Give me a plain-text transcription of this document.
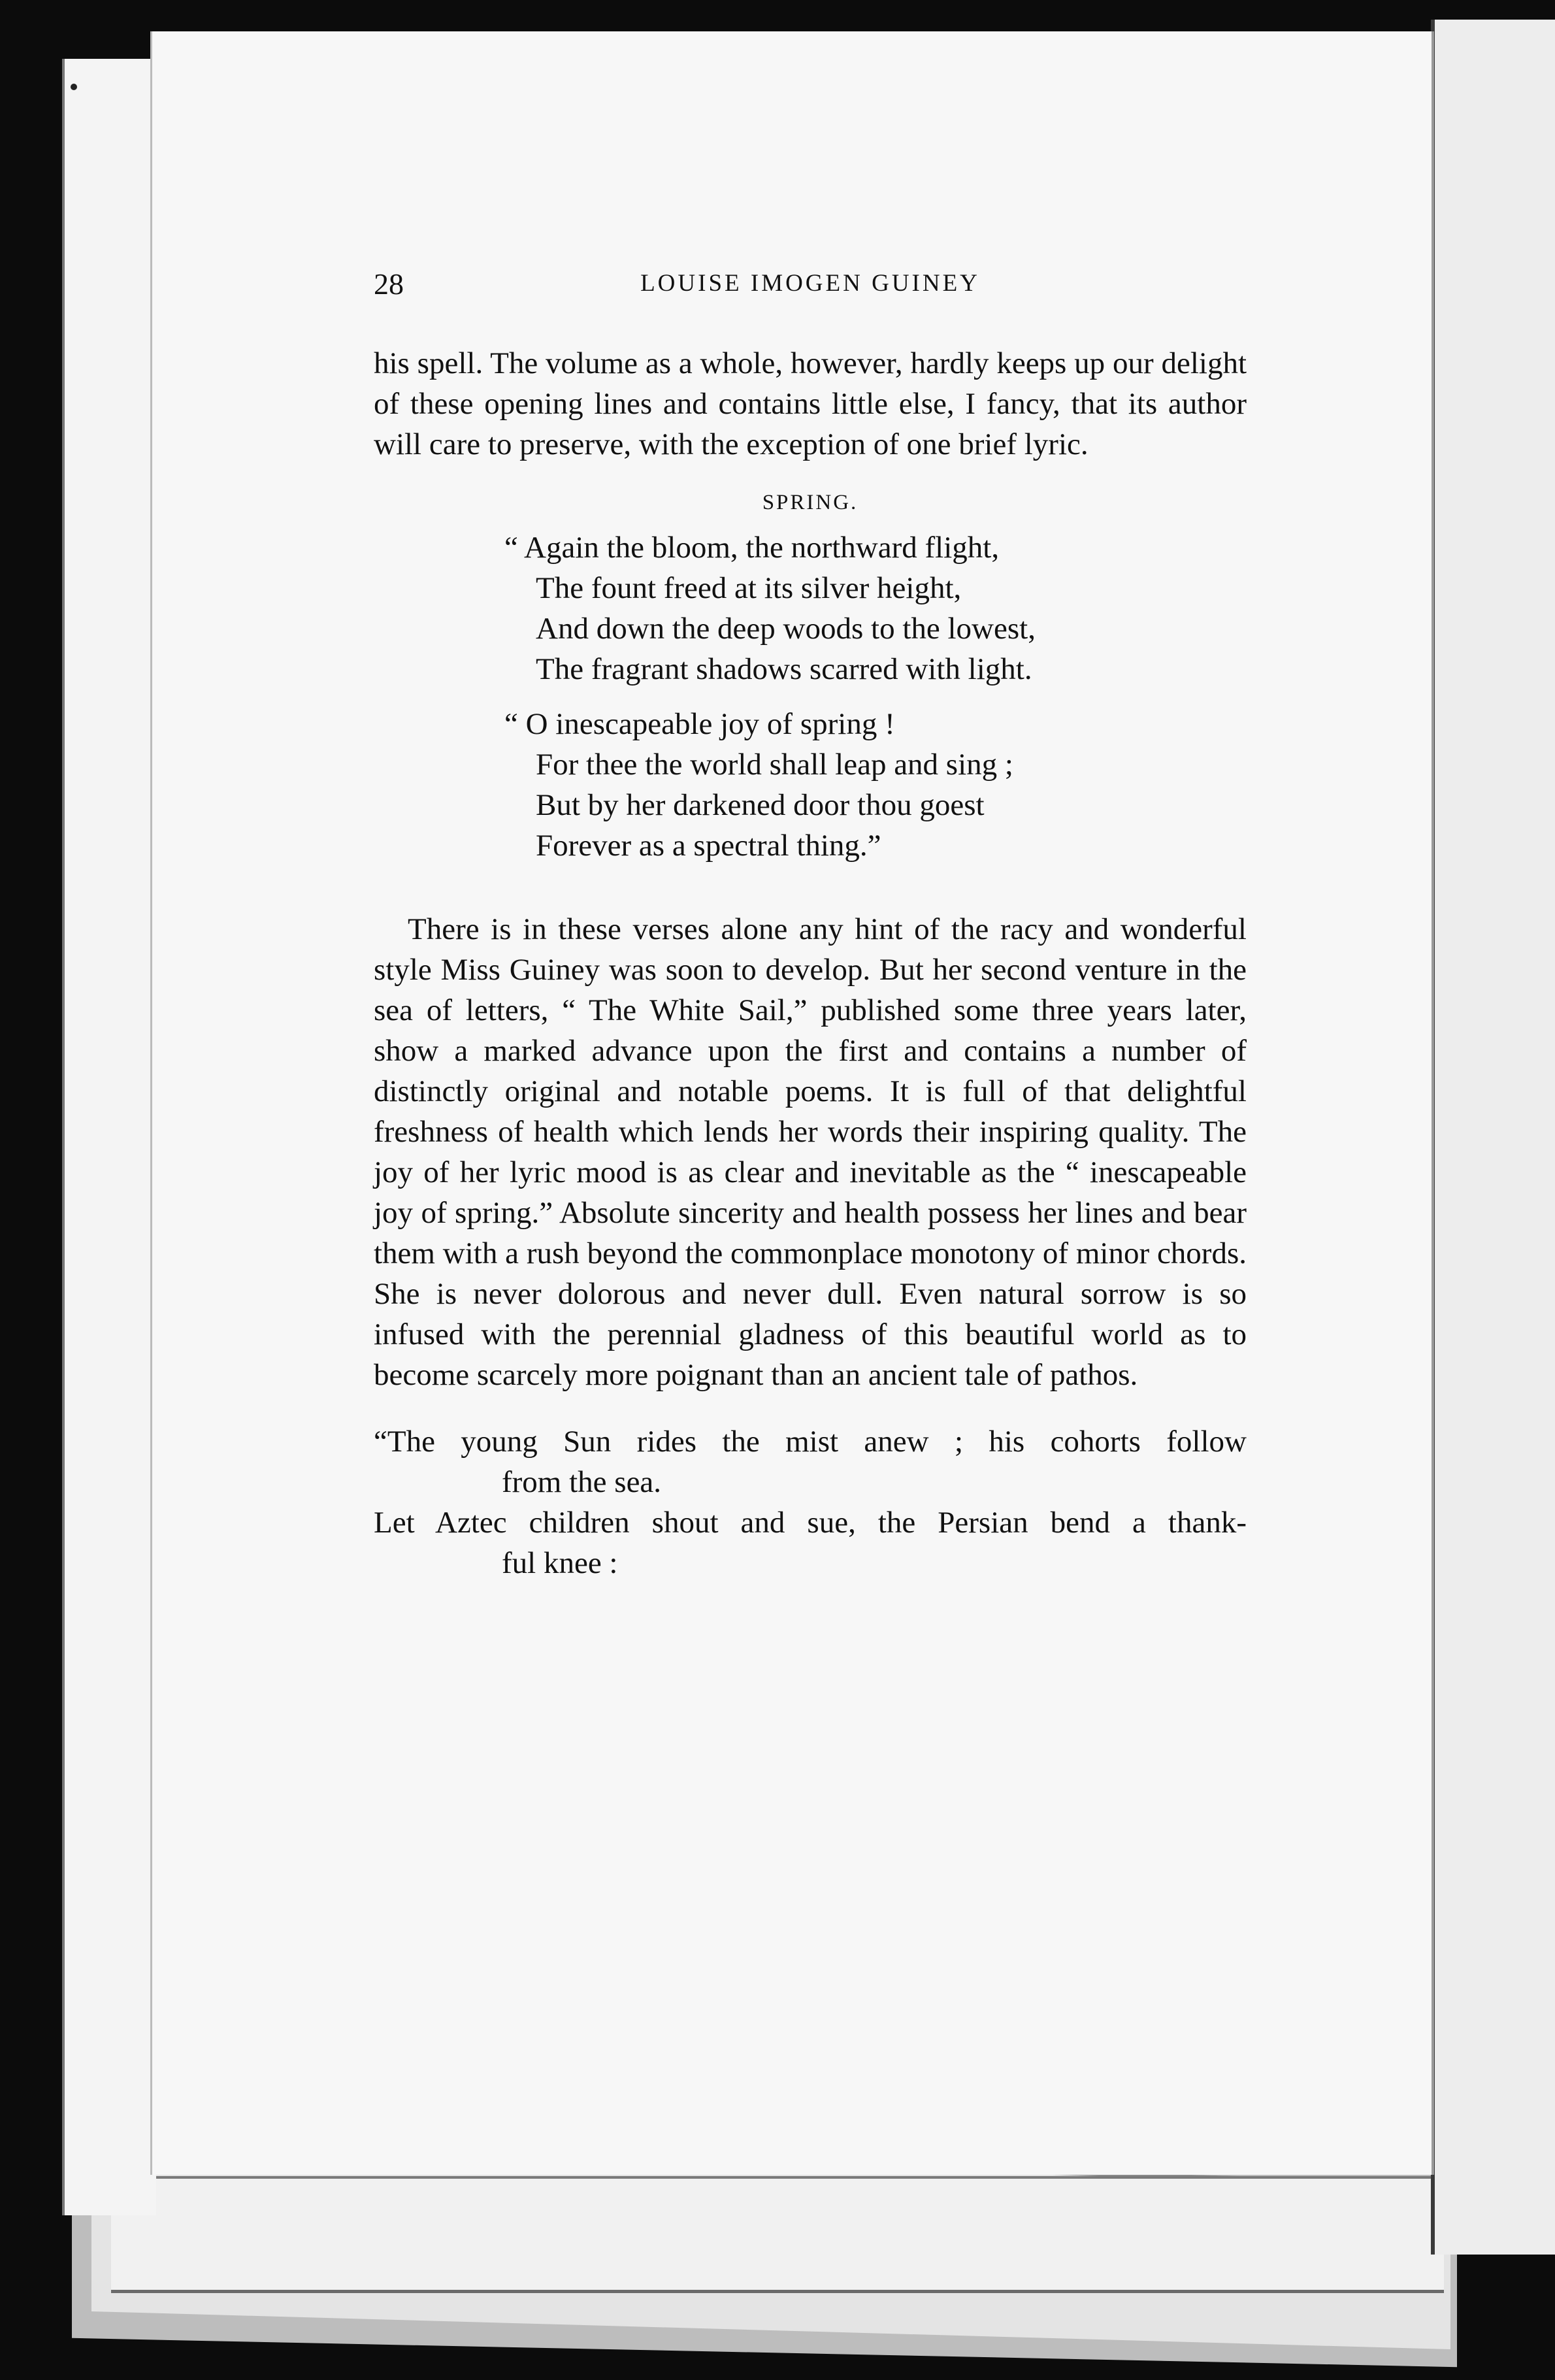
28	LOUISE IMOGEN GUINEY

his spell. The volume as a whole, however, hardly keeps up our delight of these opening lines and contains little else, I fancy, that its author will care to preserve, with the exception of one brief lyric.

SPRING.
“ Again the bloom, the northward flight,
The fount freed at its silver height,
And down the deep woods to the lowest,
The fragrant shadows scarred with light.
“ O inescapeable joy of spring !
For thee the world shall leap and sing ;
But by her darkened door thou goest
Forever as a spectral thing.”

There is in these verses alone any hint of the racy and wonderful style Miss Guiney was soon to develop. But her second venture in the sea of letters, “ The White Sail,” published some three years later, show a marked advance upon the first and contains a number of distinctly original and notable poems. It is full of that delightful freshness of health which lends her words their inspiring quality. The joy of her lyric mood is as clear and inevitable as the “ inescapeable joy of spring.” Absolute sincerity and health possess her lines and bear them with a rush beyond the commonplace monotony of minor chords. She is never dolorous and never dull. Even natural sorrow is so infused with the perennial gladness of this beautiful world as to become scarcely more poignant than an ancient tale of pathos.

“The young Sun rides the mist anew ; his cohorts follow
from the sea.
Let Aztec children shout and sue, the Persian bend a thank-
ful knee :
